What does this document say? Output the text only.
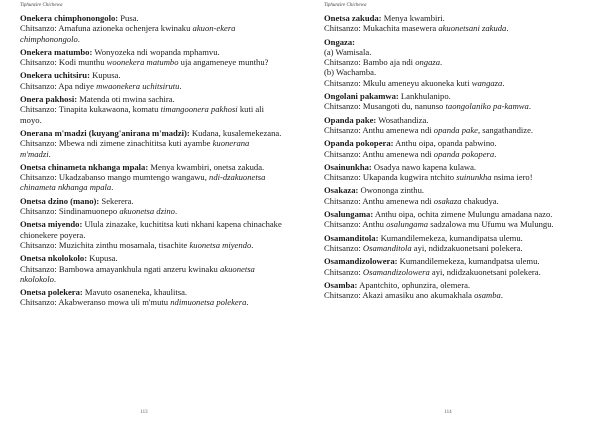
Tiphunzire Chichewa

Onekera chimphonongolo: Pusa.

Chitsanzo: Amafuna azioneka ochenjera kwinaku akuon-ekera chimphonongolo.

Onekera matumbo: Wonyozeka ndi wopanda mphamvu.

Chitsanzo: Kodi munthu woonekera matumbo uja angameneye munthu?

Onekera uchitsiru: Kupusa.

Chitsanzo: Apa ndiye mwaonekera uchitsirutu.

Onera pakhosi: Matenda oti mwina sachira.

Chitsanzo: Tinapita kukawaona, komatu timangoonera pakhosi kuti ali moyo.

Onerana m'madzi (kuyang'anirana m'madzi): Kudana, kusalemekezana.

Chitsanzo: Mbewa ndi zimene zinachititsa kuti ayambe kuonerana m'madzi.

Onetsa chinameta nkhanga mpala: Menya kwambiri, onetsa zakuda.

Chitsanzo: Ukadzabanso mango mumtengo wangawu, ndi-dzakuonetsa chinameta nkhanga mpala.

Onetsa dzino (mano): Sekerera.

Chitsanzo: Sindinamuonepo akuonetsa dzino.

Onetsa miyendo: Ulula zinazake, kuchititsa kuti nkhani kapena chinachake chionekere poyera.

Chitsanzo: Muzichita zinthu mosamala, tisachite kuonetsa miyendo.

Onetsa nkolokolo: Kupusa.

Chitsanzo: Bambowa amayankhula ngati anzeru kwinaku akuonetsa nkolokolo.

Onetsa polekera: Mavuto osaneneka, khaulitsa.

Chitsanzo: Akabweranso mowa uli m'mutu ndimuonetsa polekera.

113
Tiphunzire Chichewa

Onetsa zakuda: Menya kwambiri.

Chitsanzo: Mukachita masewera akuonetsani zakuda.

Ongaza:

(a) Wamisala.
Chitsanzo: Bambo aja ndi ongaza.
(b) Wachamba.
Chitsanzo: Mkulu ameneyu akuoneka kuti wangaza.

Ongolani pakamwa: Lankhulanipo.

Chitsanzo: Musangoti du, nanunso taongolaniko pa-kamwa.

Opanda pake: Wosathandiza.

Chitsanzo: Anthu amenewa ndi opanda pake, sangathandize.

Opanda pokopera: Anthu oipa, opanda pabwino.

Chitsanzo: Anthu amenewa ndi opanda pokopera.

Osainunkha: Osadya nawo kapena kulawa.

Chitsanzo: Ukapanda kugwira ntchito suinunkha nsima iero!

Osakaza: Owononga zinthu.

Chitsanzo: Anthu amenewa ndi osakaza chakudya.

Osalungama: Anthu oipa, ochita zimene Mulungu amadana nazo.

Chitsanzo: Anthu osalungama sadzalowa mu Ufumu wa Mulungu.

Osamanditola: Kumandilemekeza, kumandipatsa ulemu.

Chitsanzo: Osamanditola ayi, ndidzakuonetsani polekera.

Osamandizolowera: Kumandilemekeza, kumandpatsa ulemu.

Chitsanzo: Osamandizolowera ayi, ndidzakuonetsani polekera.

Osamba: Apantchito, ophunzira, olemera.

Chitsanzo: Akazi amasiku ano akumakhala osamba.

114
